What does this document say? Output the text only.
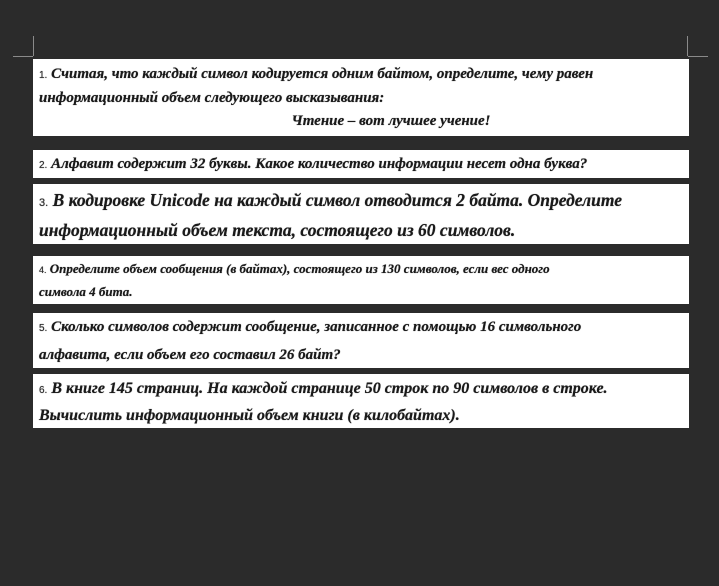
1. Считая, что каждый символ кодируется одним байтом, определите, чему равен
информационный объем следующего высказывания:
Чтение – вот лучшее учение!
2. Алфавит содержит 32 буквы. Какое количество информации несет одна буква?
3. В кодировке Unicode на каждый символ отводится 2 байта. Определите
информационный объем текста, состоящего из 60 символов.
4. Определите объем сообщения (в байтах), состоящего из 130 символов, если вес одного
символа 4 бита.
5. Сколько символов содержит сообщение, записанное с помощью 16 символьного
алфавита, если объем его составил 26 байт?
6. В книге 145 страниц. На каждой странице 50 строк по 90 символов в строке.
Вычислить информационный объем книги (в килобайтах).
